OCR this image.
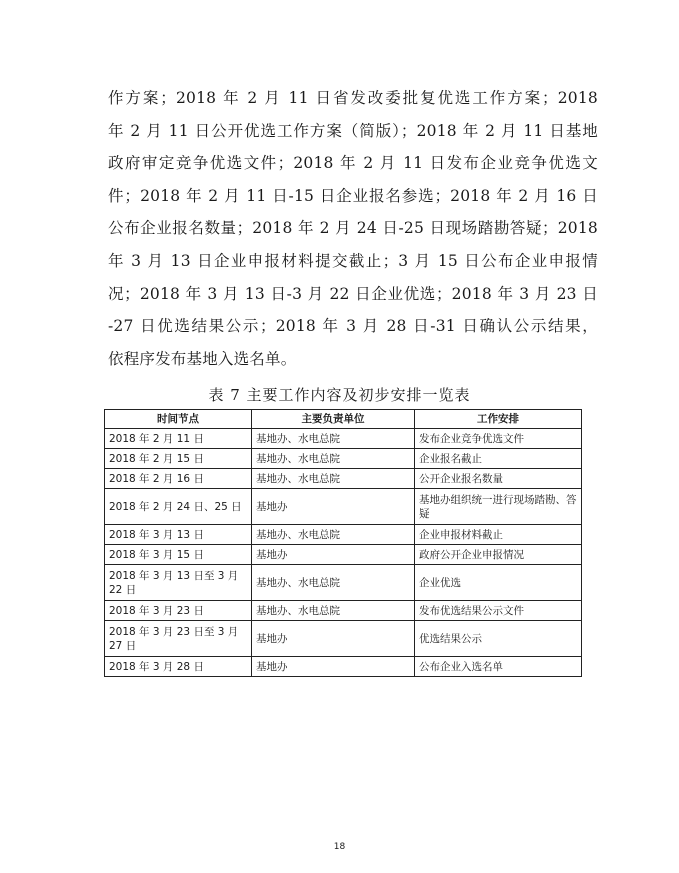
作方案；2018 年 2 月 11 日省发改委批复优选工作方案；2018
年 2 月 11 日公开优选工作方案（简版）；2018 年 2 月 11 日基地
政府审定竞争优选文件；2018 年 2 月 11 日发布企业竞争优选文
件；2018 年 2 月 11 日-15 日企业报名参选；2018 年 2 月 16 日
公布企业报名数量；2018 年 2 月 24 日-25 日现场踏勘答疑；2018
年 3 月 13 日企业申报材料提交截止；3 月 15 日公布企业申报情
况；2018 年 3 月 13 日-3 月 22 日企业优选；2018 年 3 月 23 日
-27 日优选结果公示；2018 年 3 月 28 日-31 日确认公示结果，
依程序发布基地入选名单。
表 7 主要工作内容及初步安排一览表
时间节点	主要负责单位	工作安排
2018 年 2 月 11 日	基地办、水电总院	发布企业竞争优选文件
2018 年 2 月 15 日	基地办、水电总院	企业报名截止
2018 年 2 月 16 日	基地办、水电总院	公开企业报名数量
2018 年 2 月 24 日、25 日	基地办	基地办组织统一进行现场踏勘、答疑
2018 年 3 月 13 日	基地办、水电总院	企业申报材料截止
2018 年 3 月 15 日	基地办	政府公开企业申报情况
2018 年 3 月 13 日至 3 月 22 日	基地办、水电总院	企业优选
2018 年 3 月 23 日	基地办、水电总院	发布优选结果公示文件
2018 年 3 月 23 日至 3 月 27 日	基地办	优选结果公示
2018 年 3 月 28 日	基地办	公布企业入选名单
18
